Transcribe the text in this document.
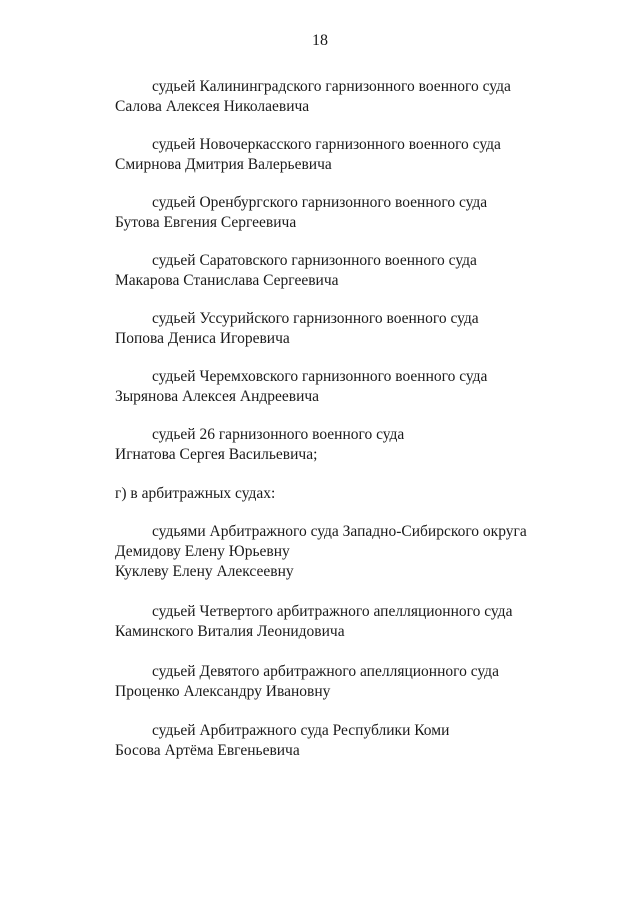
18
судьей Калининградского гарнизонного военного суда
Салова Алексея Николаевича
судьей Новочеркасского гарнизонного военного суда
Смирнова Дмитрия Валерьевича
судьей Оренбургского гарнизонного военного суда
Бутова Евгения Сергеевича
судьей Саратовского гарнизонного военного суда
Макарова Станислава Сергеевича
судьей Уссурийского гарнизонного военного суда
Попова Дениса Игоревича
судьей Черемховского гарнизонного военного суда
Зырянова Алексея Андреевича
судьей 26 гарнизонного военного суда
Игнатова Сергея Васильевича;
г) в арбитражных судах:
судьями Арбитражного суда Западно-Сибирского округа
Демидову Елену Юрьевну
Куклеву Елену Алексеевну
судьей Четвертого арбитражного апелляционного суда
Каминского Виталия Леонидовича
судьей Девятого арбитражного апелляционного суда
Проценко Александру Ивановну
судьей Арбитражного суда Республики Коми
Босова Артёма Евгеньевича
